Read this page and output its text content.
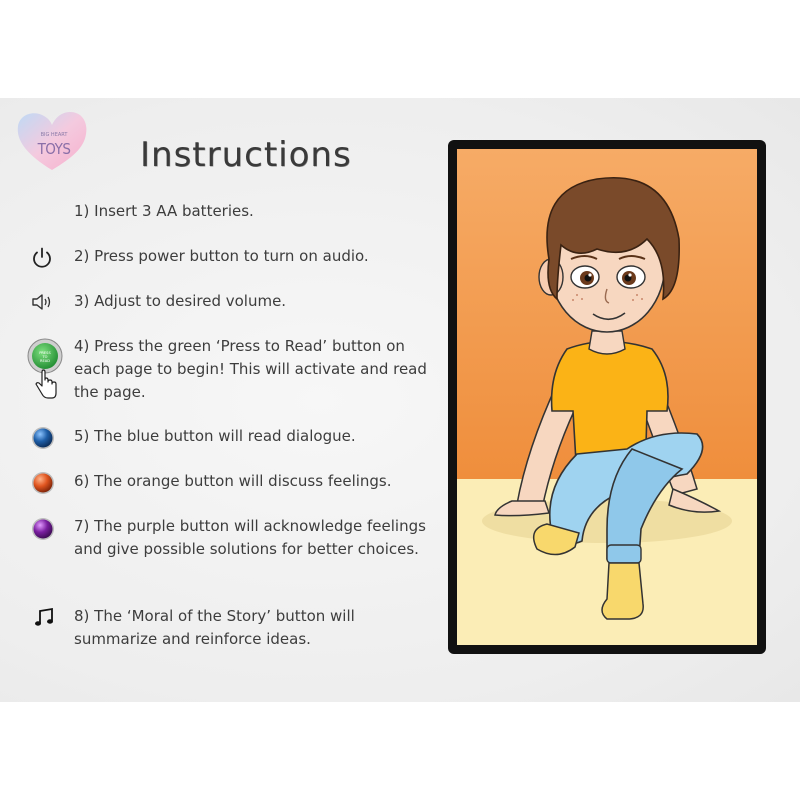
BIG HEART
TOYS Instructions
1) Insert 3 AA batteries.
2) Press power button to turn on audio.
3) Adjust to desired volume.
PRESS
TO
READ
4) Press the green ‘Press to Read’ button on each page to begin! This will activate and read the page.
5) The blue button will read dialogue.
6) The orange button will discuss feelings.
7) The purple button will acknowledge feelings and give possible solutions for better choices.
8) The ‘Moral of the Story’ button will summarize and reinforce ideas.
